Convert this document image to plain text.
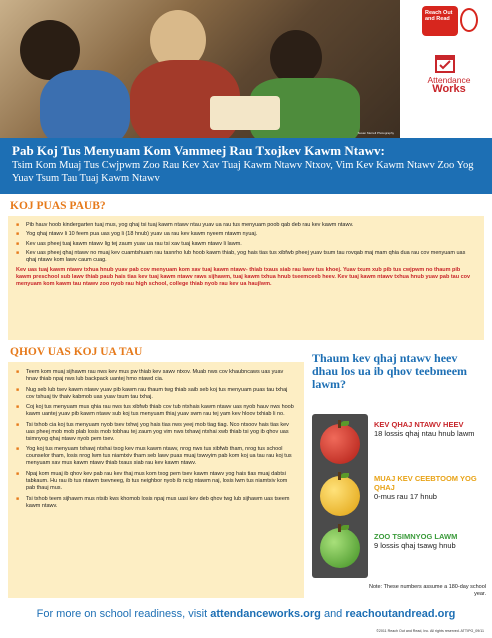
Susan Merrell Photography
Reach Out and Read
Attendance
Works
Pab Koj Tus Menyuam Kom Vammeej Rau Txojkev Kawm Ntawv:

Tsim Kom Muaj Tus Cwjpwm Zoo Rau Kev Xav Tuaj Kawm Ntawv Ntxov, Vim Kev Kawm Ntawv Zoo Yog Yuav Tsum Tau Tuaj Kawm Ntawv

KOJ PUAS PAUB?
■ Pib hauv hoob kindergarten tuaj mus, yog qhaj tsi tuaj kawm ntawv ntau yuav ua rau tus menyuam poob qab deb rau kev kawm ntawv.
■ Yog qhaj ntawv li 10 feem pua uas yog li (18 hnub) yuav ua rau kev kawm nyeem ntawm nyuaj.
■ Kev uas pheej tuaj kawm ntawv lig tej zaum yuav ua rau tsi xav tuaj kawm ntawv li lawm.
■ Kev uas pheej qhaj ntawv no muaj kev cuamtshuam rau tasnrho lub hoob kawm thiab, yog hais tias tus xibfwb pheej yuav tsum tau rovqab maj mam qhia dua rau cov menyuam uas qhaj ntawv kom lawv caum cuag.
Kev uas tuaj kawm ntawv txhua hnub yuav pab cov menyuam kom xav tuaj kawm ntawv- thiab txaus siab rau lawv tus khoej. Yuav txum xub pib tus cwjpwm no thaum pib kawm preschool sub lawv thiab paub hais tias kev tuaj kawm ntawv raws sijhawm, tuaj kawm txhua hnub tseemceeb heev. Kev tuaj kawm ntawv txhua hnub yuav pab tau cov menyuam kom kawm tau ntawv zoo nyob rau high school, college thiab nyob rau kev ua haujlwm.
QHOV UAS KOJ UA TAU
■ Teem kom muaj sijhawm rau nws kev mus pw thiab kev sawv ntxov. Muab nws cov khaubncaws uas yuav hnav thiab npaj nws lub backpack uantej hmo ntawd cia.
■ Nug seb lub tsev kawm ntawv yuav pib kawm rau thaum twg thiab saib seb koj tus menyuam puas tau txhaj cov tshuaj tiv thaiv kabmob uas yuav tsum tau txhaj.
■ Coj koj tus menyuam mus qhia rau nws tus xibfwb thiab cov tub ntxhais kawm ntawv uas nyob hauv nws hoob kawm uantej yuav pib kawm ntawv sub koj tus menyuam thiaj yuav swm rau tej yam kev hloov txhiab li no.
■ Tsi txhob cia koj tus menyuam nyob tsev txhwj yog hais tias nws yeej mob tiag tiag. Nco ntsoov hais tias kev uas pheej mob mob plab losis mob tobhau tej zaum yog vim nws txhawj ntxhai xwb thiab tsi yog ib qhov uas tsimnyog qhaj ntawv nyob pem tsev.
■ Yog koj tus menyuam txhawj ntxhai txog kev mus kawm ntawv, nrog nws tus xibfwb tham, nrog tus school counselor tham, losis nrog lwm tus niamtxiv tham seb lawv puas muaj tswvyim pab kom koj ua tau rau koj tus menyuam xav mus kawm ntawv thiab txaus siab rau kev kawm ntawv.
■ Npaj kom muaj ib qhov kev pab rau kev thaj mus kom txog pem tsev kawm ntawv yog hais tias muaj dabtsi tabkaum. Hu rau ib tus ntawm tsevneeg, ib tus neighbor nyob ib ncig ntawm naj, losis lwm tus niamtxiv kom pab thauj mus.
■ Tsi txhob teem sijhawm mus ntsib kws khomob losis npaj mus uasi kev deb qhov twg lub sijhawm uas tseem kawm ntawv.
Thaum kev qhaj ntawv heev dhau los ua ib qhov teebmeem lawm?
KEV QHAJ NTAWV HEEV
18 lossis qhaj ntau hnub lawm
MUAJ KEV CEEBTOOM YOG QHAJ
0-mus rau 17 hnub
ZOO TSIMNYOG LAWM
9 lossis qhaj tsawg hnub
Note: These numbers assume a 180-day school year.
For more on school readiness, visit attendanceworks.org and reachoutandread.org
©2011 Reach Out and Read, Inc. All rights reserved. ATTIPG_09/11
